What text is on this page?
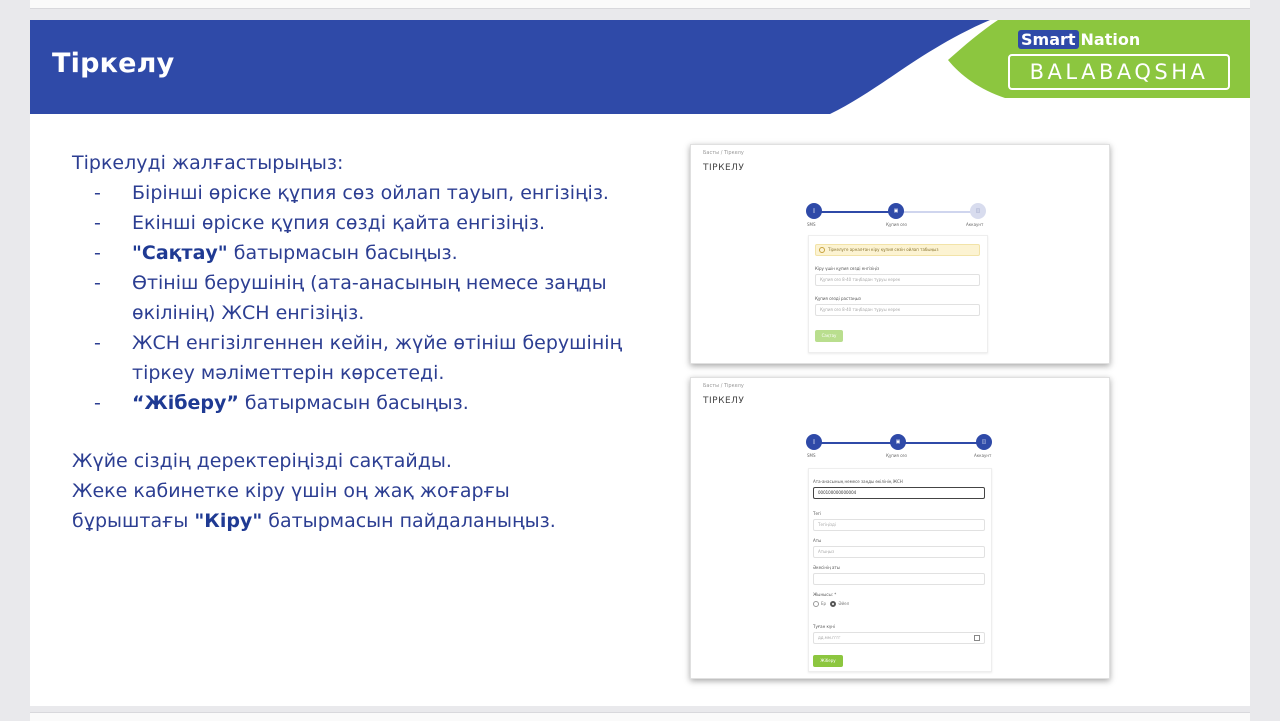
Тіркелу
Smart Nation
BALABAQSHA

Тіркелуді жалғастырыңыз:

- Бірінші өріске құпия сөз ойлап тауып, енгізіңіз.
- Екінші өріске құпия сөзді қайта енгізіңіз.
- "Сақтау" батырмасын басыңыз.
- Өтініш берушінің (ата-анасының немесе заңды өкілінің) ЖСН енгізіңіз.
- ЖСН енгізілгеннен кейін, жүйе өтініш берушінің тіркеу мәліметтерін көрсетеді.
- “Жіберу” батырмасын басыңыз.

Жүйе сіздің деректеріңізді сақтайды.
Жеке кабинетке кіру үшін оң жақ жоғарғы бұрыштағы "Кіру" батырмасын пайдаланыңыз.

Басты / Тіркелу
ТІРКЕЛУ
▯	▣	◫
SMS	Құпия сөз	Аккаунт
Тіркелуге арналған кіру құпия сөзін ойлап табыңыз
Кіру үшін құпия сөзді енгізіңіз
Құпия сөз 8-40 таңбадан тұруы керек
Құпия сөзді растаңыз
Құпия сөз 8-40 таңбадан тұруы керек
Сақтау
Басты / Тіркелу
ТІРКЕЛУ
▯	▣	◫
SMS	Құпия сөз	Аккаунт
Ата-анасының немесе заңды өкілінің ЖСН
000100000000004
Тегі
Тегіңізді
Аты
Атыңыз
Әкесінің аты
Жынысы: *
Ер	Әйел
Туған күні
дд.мм.гггг
Жіберу
